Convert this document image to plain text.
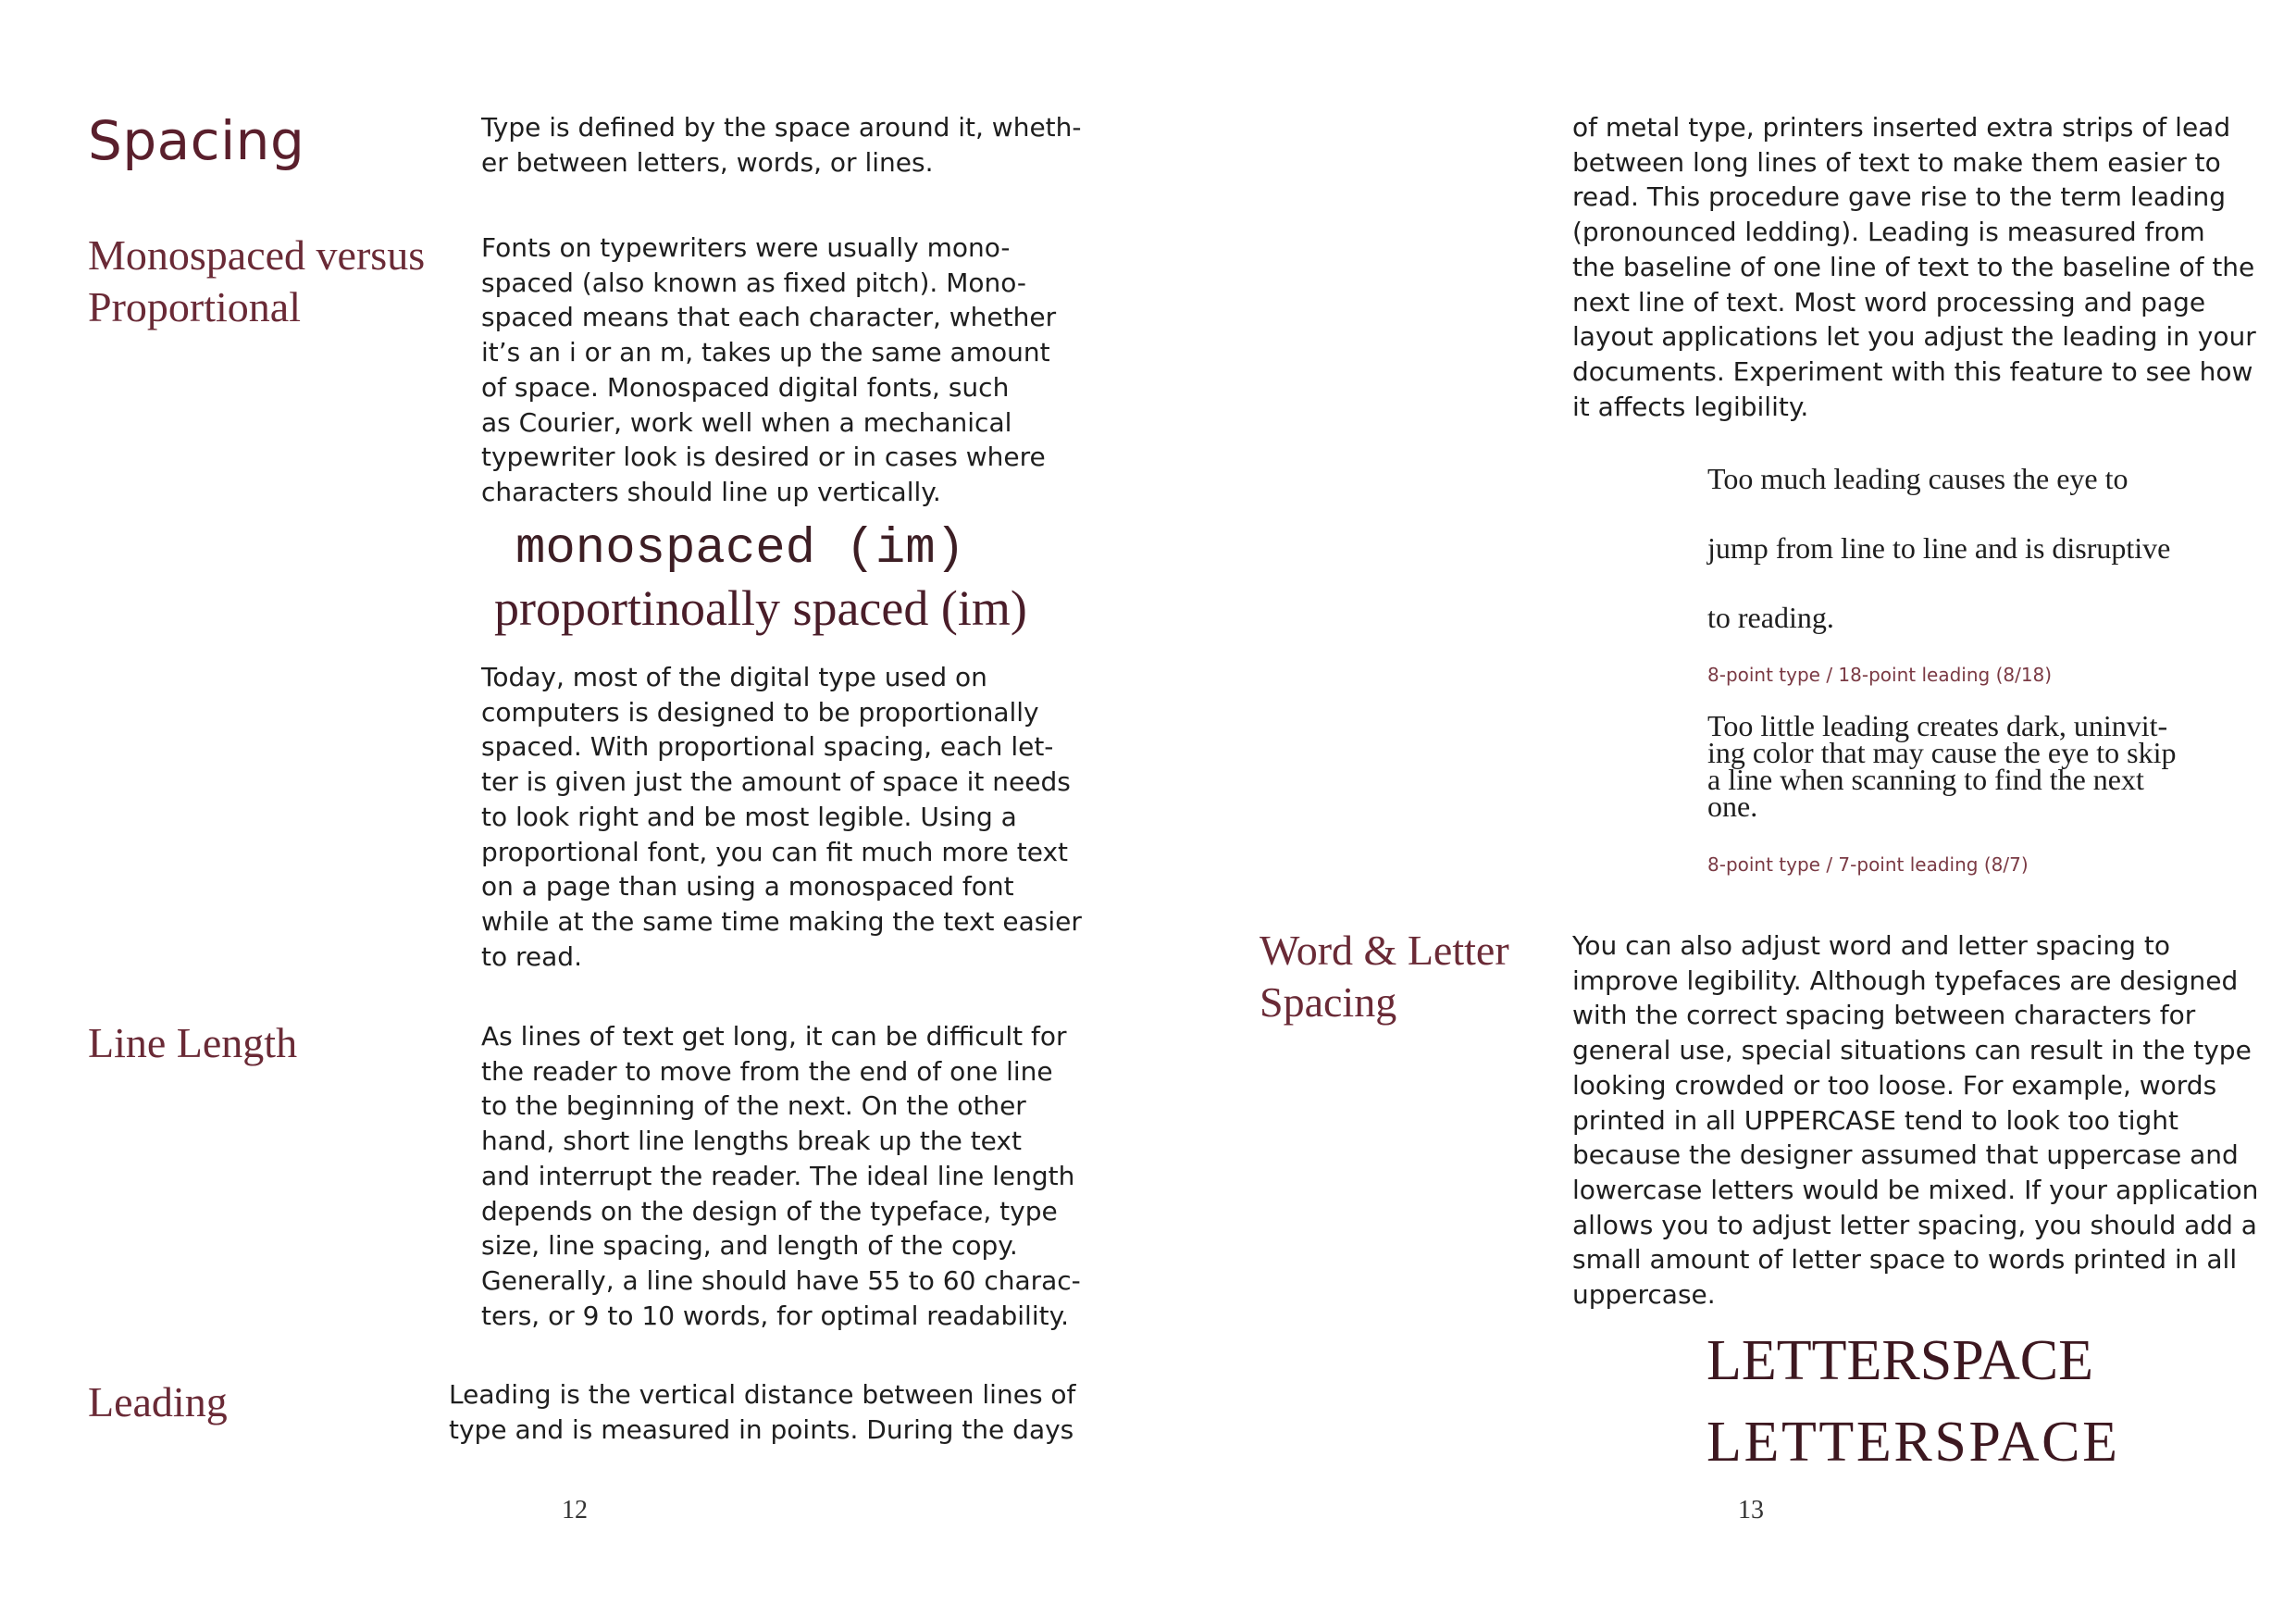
Spacing	Type is defined by the space around it, wheth-
er between letters, words, or lines.

Monospaced versus
Proportional

Fonts on typewriters were usually mono-
spaced (also known as fixed pitch). Mono-
spaced means that each character, whether
it’s an i or an m, takes up the same amount
of space. Monospaced digital fonts, such
as Courier, work well when a mechanical
typewriter look is desired or in cases where
characters should line up vertically.

monospaced (im)
proportinoally spaced (im)

Today, most of the digital type used on
computers is designed to be proportionally
spaced. With proportional spacing, each let-
ter is given just the amount of space it needs
to look right and be most legible. Using a
proportional font, you can fit much more text
on a page than using a monospaced font
while at the same time making the text easier
to read.

Line Length	As lines of text get long, it can be difficult for
the reader to move from the end of one line
to the beginning of the next. On the other
hand, short line lengths break up the text
and interrupt the reader. The ideal line length
depends on the design of the typeface, type
size, line spacing, and length of the copy.
Generally, a line should have 55 to 60 charac-
ters, or 9 to 10 words, for optimal readability.

Leading	Leading is the vertical distance between lines of
type and is measured in points. During the days

12

of metal type, printers inserted extra strips of lead
between long lines of text to make them easier to
read. This procedure gave rise to the term leading
(pronounced ledding). Leading is measured from
the baseline of one line of text to the baseline of the
next line of text. Most word processing and page
layout applications let you adjust the leading in your
documents. Experiment with this feature to see how
it affects legibility.

Too much leading causes the eye to
jump from line to line and is disruptive
to reading.

8-point type / 18-point leading (8/18)

Too little leading creates dark, uninvit-
ing color that may cause the eye to skip
a line when scanning to find the next
one.

8-point type / 7-point leading (8/7)
Word & Letter
Spacing

You can also adjust word and letter spacing to
improve legibility. Although typefaces are designed
with the correct spacing between characters for
general use, special situations can result in the type
looking crowded or too loose. For example, words
printed in all UPPERCASE tend to look too tight
because the designer assumed that uppercase and
lowercase letters would be mixed. If your application
allows you to adjust letter spacing, you should add a
small amount of letter space to words printed in all
uppercase.

LETTERSPACE
LETTERSPACE
13
